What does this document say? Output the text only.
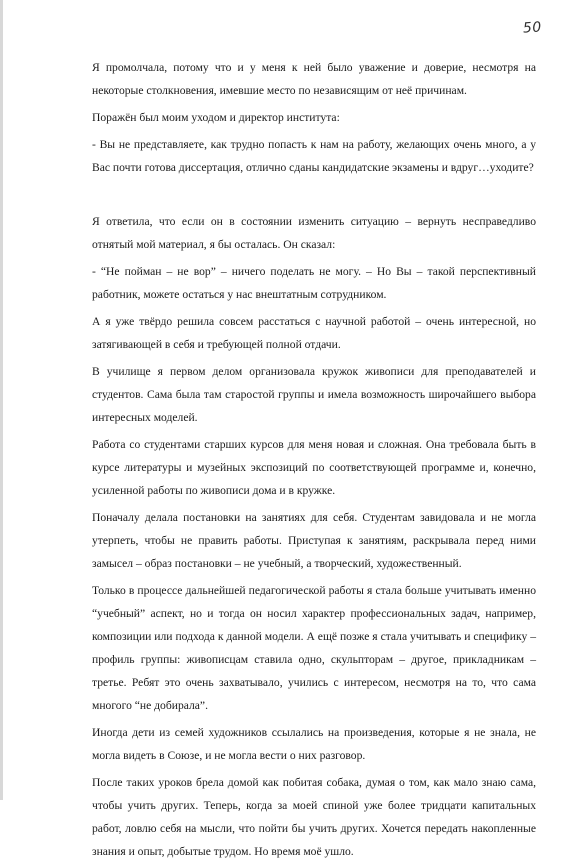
50

Я промолчала, потому что и у меня к ней было уважение и доверие, несмотря на некоторые столкновения, имевшие место по независящим от неё причинам.

Поражён был моим уходом и директор института:

- Вы не представляете, как трудно попасть к нам на работу, желающих очень много, а у Вас почти готова диссертация, отлично сданы кандидатские экзамены и вдруг…уходите?

Я ответила, что если он в состоянии изменить ситуацию – вернуть несправедливо отнятый мой материал, я бы осталась. Он сказал:

- “Не пойман – не вор” – ничего поделать не могу. – Но Вы – такой перспективный работник, можете остаться у нас внештатным сотрудником.

А я уже твёрдо решила совсем расстаться с научной работой – очень интересной, но затягивающей в себя и требующей полной отдачи.

В училище я первом делом организовала кружок живописи для преподавателей и студентов. Сама была там старостой группы и имела возможность широчайшего выбора интересных моделей.

Работа со студентами старших курсов для меня новая и сложная. Она требовала быть в курсе литературы и музейных экспозиций по соответствующей программе и, конечно, усиленной работы по живописи дома и в кружке.

Поначалу делала постановки на занятиях для себя. Студентам завидовала и не могла утерпеть, чтобы не править работы. Приступая к занятиям, раскрывала перед ними замысел – образ постановки – не учебный, а творческий, художественный.

Только в процессе дальнейшей педагогической работы я стала больше учитывать именно “учебный” аспект, но и тогда он носил характер профессиональных задач, например, композиции или подхода к данной модели. А ещё позже я стала учитывать и специфику – профиль группы: живописцам ставила одно, скульпторам – другое, прикладникам – третье. Ребят это очень захватывало, учились с интересом, несмотря на то, что сама многого “не добирала”.

Иногда дети из семей художников ссылались на произведения, которые я не знала, не могла видеть в Союзе, и не могла вести о них разговор.

После таких уроков брела домой как побитая собака, думая о том, как мало знаю сама, чтобы учить других. Теперь, когда за моей спиной уже более тридцати капитальных работ, ловлю себя на мысли, что пойти бы учить других. Хочется передать накопленные знания и опыт, добытые трудом. Но время моё ушло.
